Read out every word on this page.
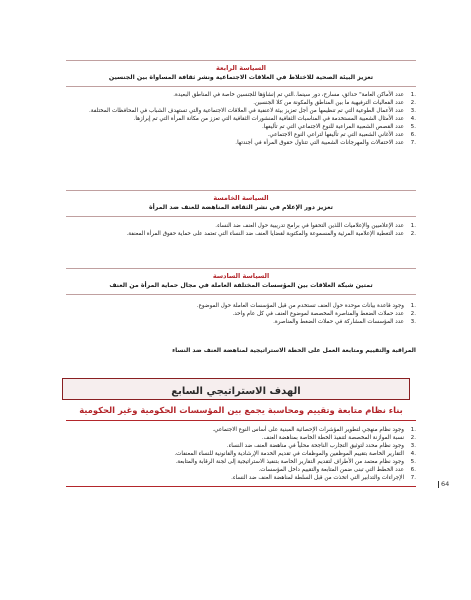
السياسة الرابعة
تعزيز البيئة الصحية للاختلاط في العلاقات الاجتماعية ونشر ثقافة المساواة بين الجنسين
.1
عدد الأماكن العامة" حدائق، مسارح، دور سينما..التي تم إنشاؤها للجنسين خاصة في المناطق البعيدة.
.2
عدد الفعاليات الترفيهية ما بين المناطق والمكونة من كلا الجنسين.
.3
عدد الأعمال الطوعية التي تم تنظيمها من أجل تعزيز بيئة لاعنفية في العلاقات الاجتماعية والتي تستهدف الشباب في المحافظات المختلفة.
.4
عدد الأمثال الشعبية المستخدمة في المناسبات الثقافية المنشورات الثقافية التي تعزز من مكانة المرأة التي تم إبرازها.
.5
عدد القصص الشعبية المراعية للنوع الاجتماعي التي تم تأليفها.
.6
عدد الأغاني الشعبية التي تم تأليفها لتراعي النوع الاجتماعي.
.7
عدد الاحتفالات والمهرجانات الشعبية التي تتناول حقوق المرأة في أجندتها.
السياسة الخامسة
تعزيز دور الإعلام في نشر الثقافة المناهضة للعنف ضد المرأة
.1
عدد الإعلاميين والإعلاميات اللذين التحقوا في برامج تدريبية حول العنف ضد النساء.
.2
عدد التغطية الإعلامية المرئية والمسموعة والمكتوبة لقضايا العنف ضد النساء التي تعتمد على حماية حقوق المرأة المعنفة.
السياسة السادسة
تمتين شبكة العلاقات بين المؤسسات المختلفة العاملة في مجال حماية المرأة من العنف
.1
وجود قاعدة بيانات موحدة حول العنف تستخدم من قبل المؤسسات العاملة حول الموضوع.
.2
عدد حملات الضغط والمناصرة المخصصة لموضوع العنف في كل عام واحد.
.3
عدد المؤسسات المشاركة في حملات الضغط والمناصرة.
المراقبة والتقييم ومتابعة العمل على الخطة الاستراتيجية لمناهضة العنف ضد النساء
الهدف الاستراتيجي السابع
بناء نظام متابعة وتقييم ومحاسبة يجمع بين المؤسسات الحكومية وغير الحكومية
.1
وجود نظام منهجي لتطوير المؤشرات الإحصائية المبنية على أساس النوع الاجتماعي.
.2
نسبة الموازنة المخصصة لتنفيذ الخطة الخاصة بمناهضة العنف.
.3
وجود نظام محدد لتوثيق التجارب الناجحة محلياً في مناهضة العنف ضد النساء.
.4
التقارير الخاصة بتقييم الموظفين والموظفات في تقديم الخدمة الإرشادية والقانونية للنساء المعنفات.
.5
وجود نظام معتمد من الأطراف لتقديم التقارير الخاصة بتنفيذ الاستراتيجية إلى لجنة الرقابة والمتابعة.
.6
عدد الخطط التي تبنى ضمن المتابعة والتقييم داخل المؤسسات.
.7
الإجراءات والتدابير التي اتخذت من قبل السلطة لمناهضة العنف ضد النساء.
64
